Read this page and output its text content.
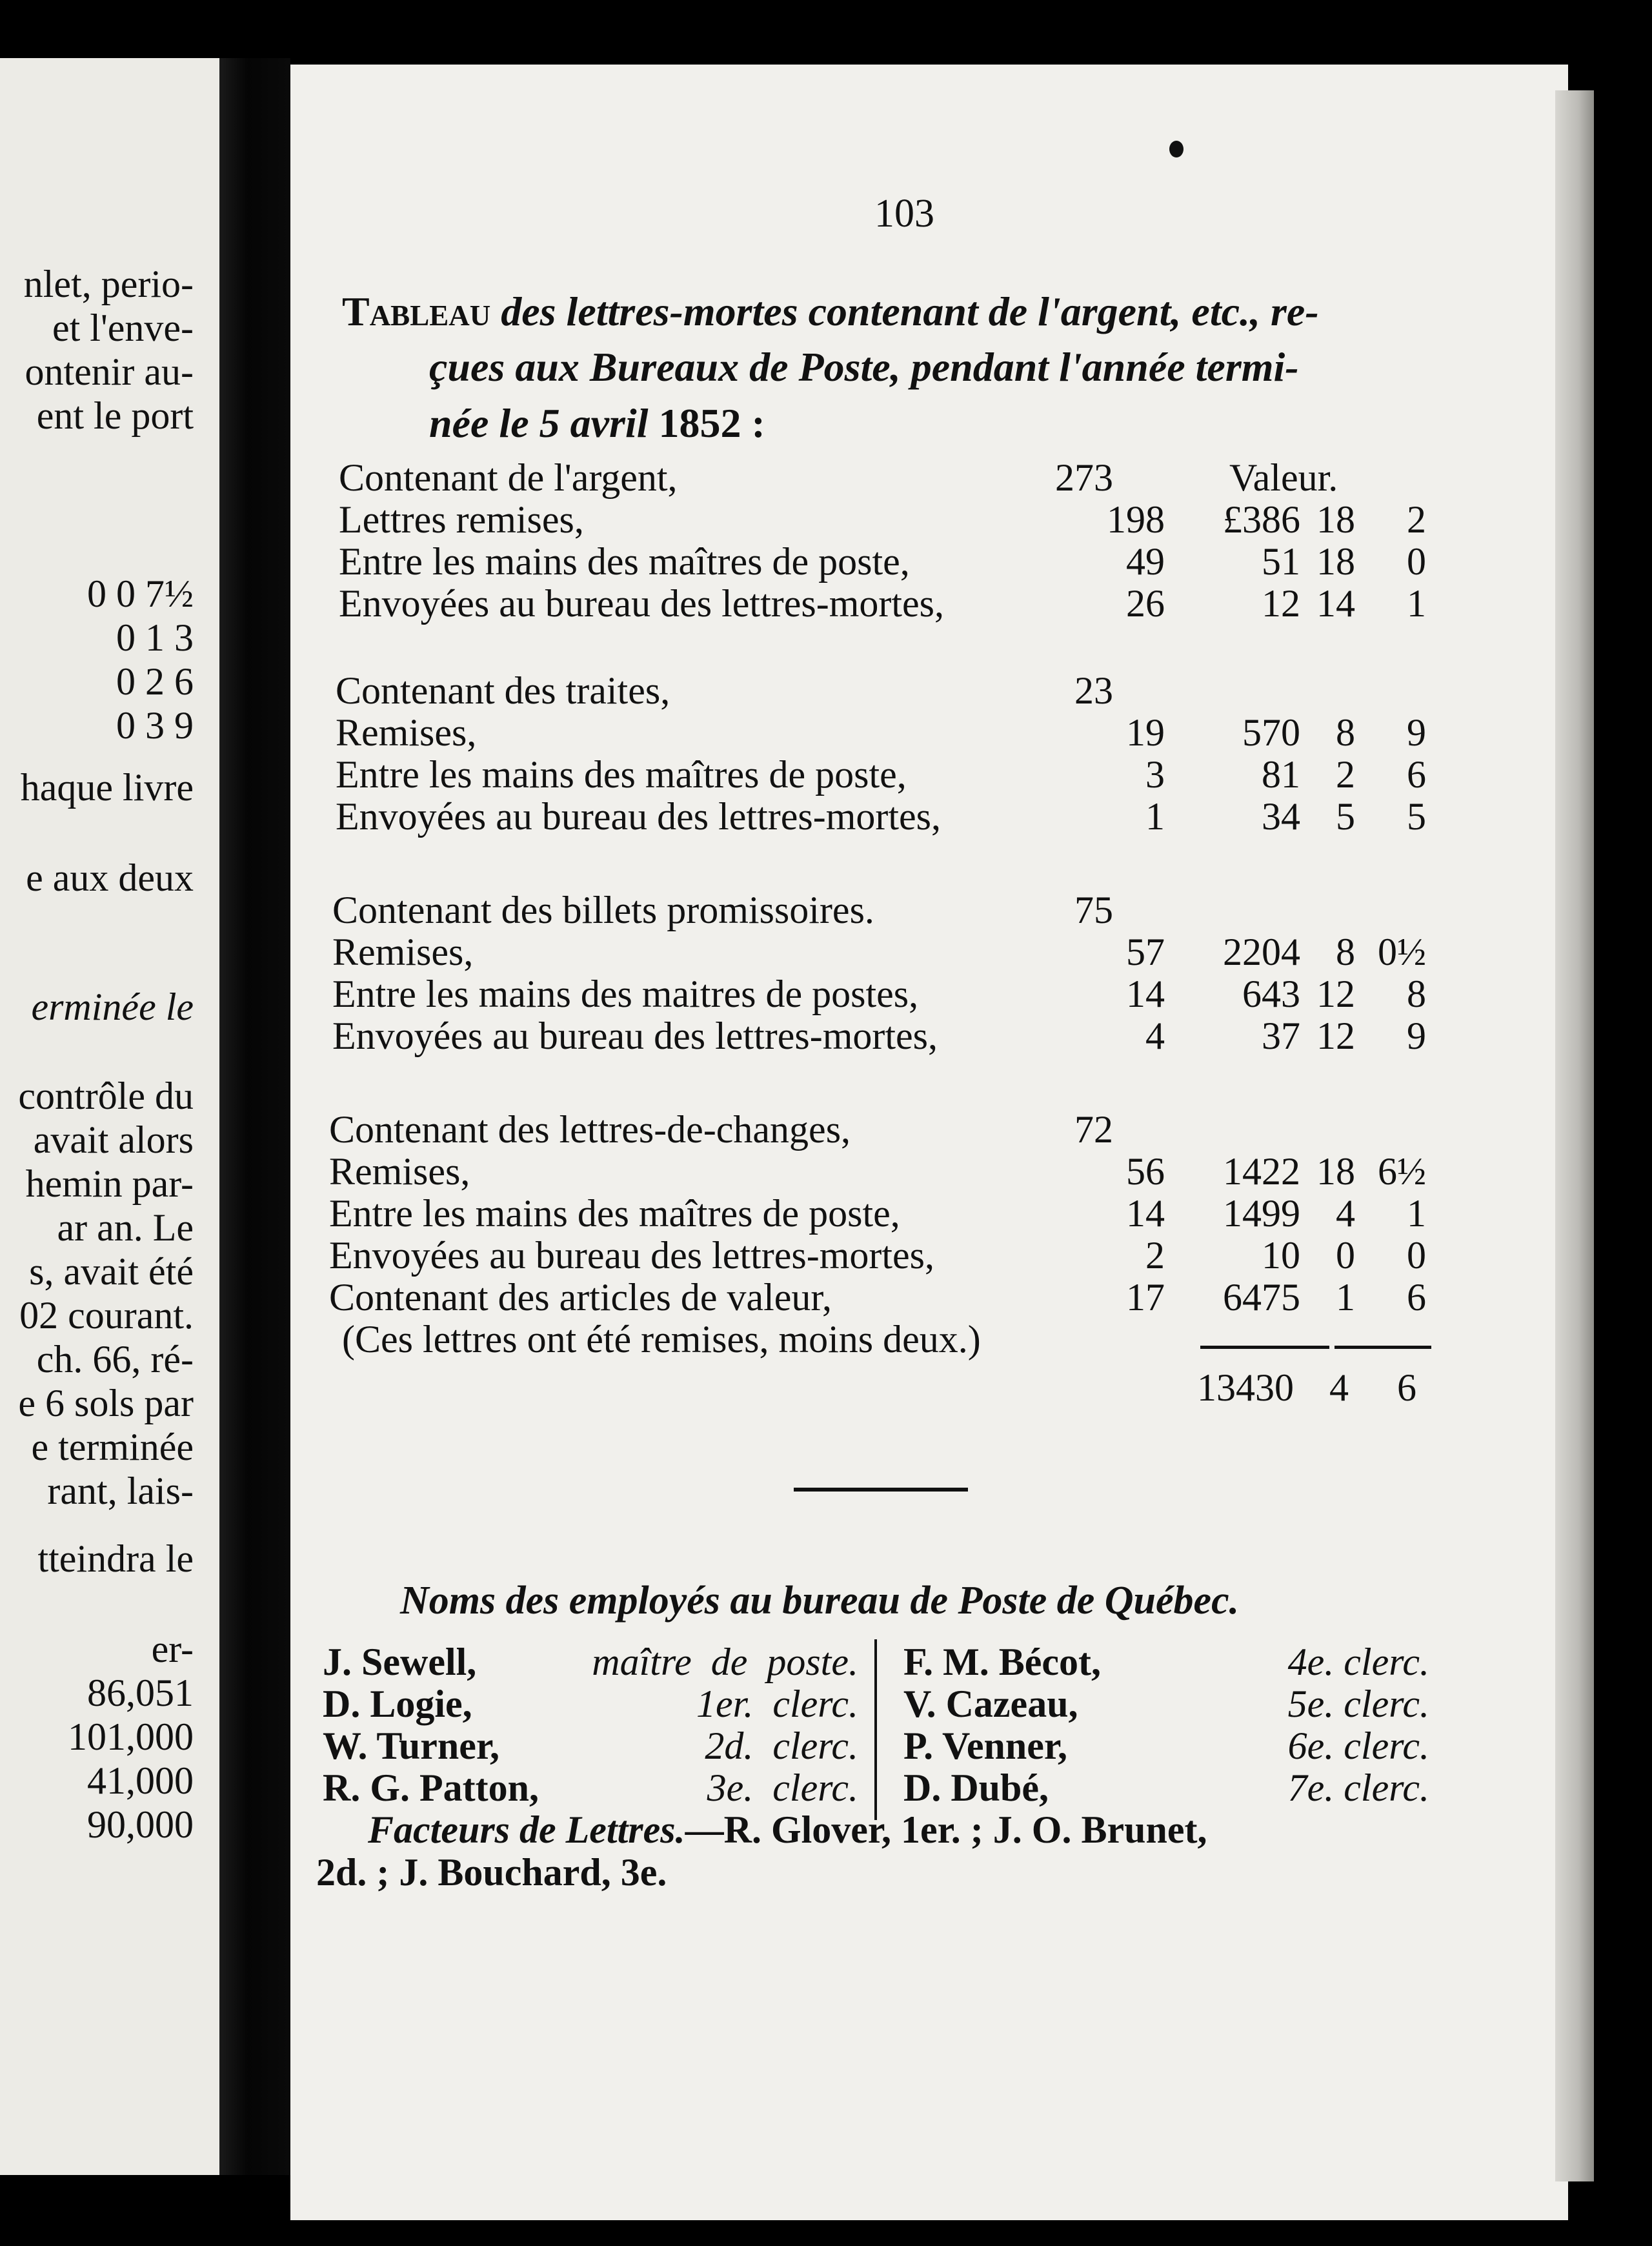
nlet, perio-
et l'enve-
ontenir au-
ent le port
0 0 7½
0 1 3
0 2 6
0 3 9
haque livre
e aux deux
erminée le
contrôle du
avait alors
hemin par-
ar an. Le
s, avait été
02 courant.
ch. 66, ré-
e 6 sols par
e terminée
rant, lais-
tteindra le
er-
86,051
101,000
41,000
90,000
103
Tableau des lettres-mortes contenant de l'argent, etc., re-
çues aux Bureaux de Poste, pendant l'année termi-
née le 5 avril 1852 :
Valeur.
Contenant de l'argent,	273
Lettres remises,	198 £386 18 2
Entre les mains des maîtres de poste,	49	51 18 0
Envoyées au bureau des lettres-mortes,	26	12 14 1
Contenant des traites,	23
Remises,	19 570 8 9
Entre les mains des maîtres de poste,	3	81 2 6
Envoyées au bureau des lettres-mortes,	1	34 5 5
Contenant des billets promissoires.	75
Remises,	57 2204 8 0½
Entre les mains des maitres de postes,	14 643 12 8
Envoyées au bureau des lettres-mortes,	4	37 12 9
Contenant des lettres-de-changes,	72
Remises,	56 1422 18 6½
Entre les mains des maîtres de poste,	14 1499 4 1
Envoyées au bureau des lettres-mortes,	2	10 0 0
Contenant des articles de valeur,	17 6475 1 6
(Ces lettres ont été remises, moins deux.)
13430 4 6
Noms des employés au bureau de Poste de Québec.
J. Sewell,	maître  de  poste.
D. Logie,	1er.  clerc.
W. Turner,	2d.  clerc.
R. G. Patton,	3e.  clerc.
F. M. Bécot,	4e. clerc.
V. Cazeau,	5e. clerc.
P. Venner,	6e. clerc.
D. Dubé,	7e. clerc.
Facteurs de Lettres.—R. Glover, 1er. ; J. O. Brunet,
2d. ; J. Bouchard, 3e.
